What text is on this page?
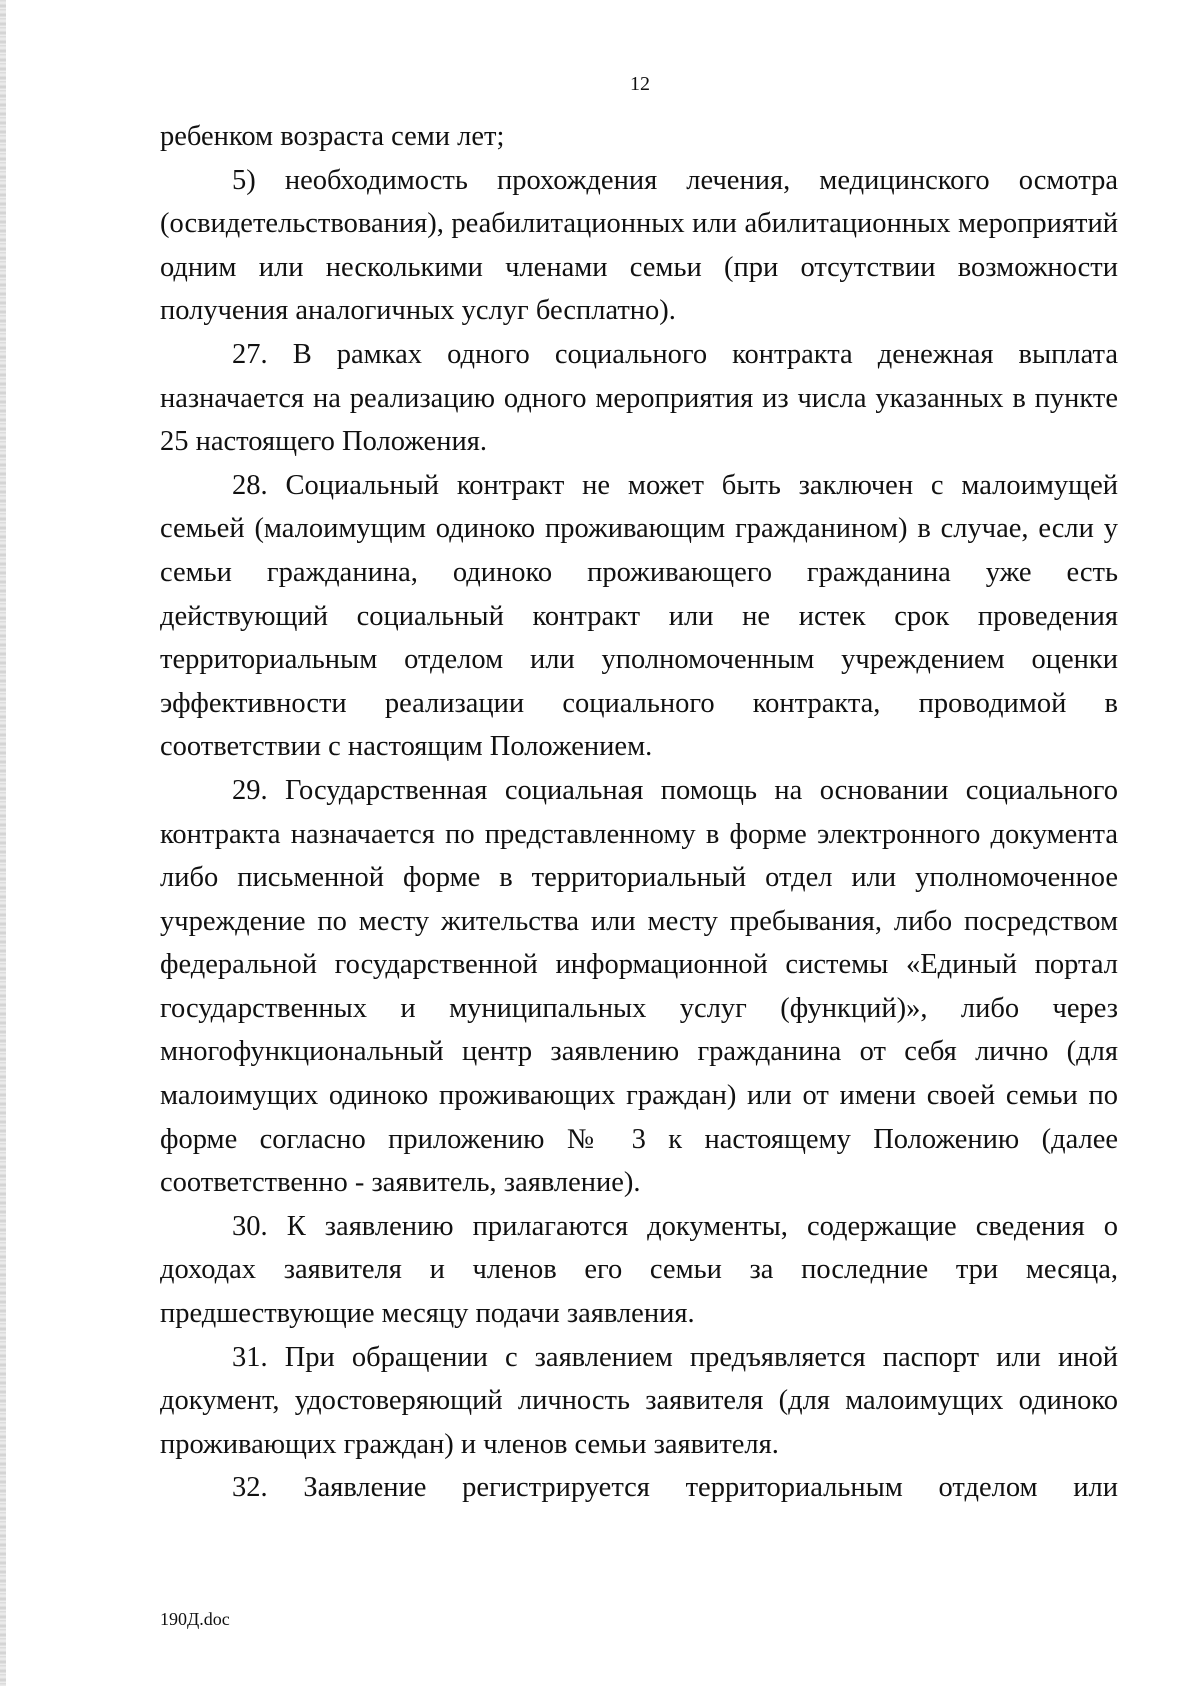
12

ребенком возраста семи лет;

5) необходимость прохождения лечения, медицинского осмотра (освидетельствования), реабилитационных или абилитационных мероприятий одним или несколькими членами семьи (при отсутствии возможности получения аналогичных услуг бесплатно).

27. В рамках одного социального контракта денежная выплата назначается на реализацию одного мероприятия из числа указанных в пункте 25 настоящего Положения.

28. Социальный контракт не может быть заключен с малоимущей семьей (малоимущим одиноко проживающим гражданином) в случае, если у семьи гражданина, одиноко проживающего гражданина уже есть действующий социальный контракт или не истек срок проведения территориальным отделом или уполномоченным учреждением оценки эффективности реализации социального контракта, проводимой в соответствии с настоящим Положением.

29. Государственная социальная помощь на основании социального контракта назначается по представленному в форме электронного документа либо письменной форме в территориальный отдел или уполномоченное учреждение по месту жительства или месту пребывания, либо посредством федеральной государственной информационной системы «Единый портал государственных и муниципальных услуг (функций)», либо через многофункциональный центр заявлению гражданина от себя лично (для малоимущих одиноко проживающих граждан) или от имени своей семьи по форме согласно приложению № 3 к настоящему Положению (далее соответственно - заявитель, заявление).

30. К заявлению прилагаются документы, содержащие сведения о доходах заявителя и членов его семьи за последние три месяца, предшествующие месяцу подачи заявления.

31. При обращении с заявлением предъявляется паспорт или иной документ, удостоверяющий личность заявителя (для малоимущих одиноко проживающих граждан) и членов семьи заявителя.

32. Заявление регистрируется территориальным отделом или

190Д.doc
